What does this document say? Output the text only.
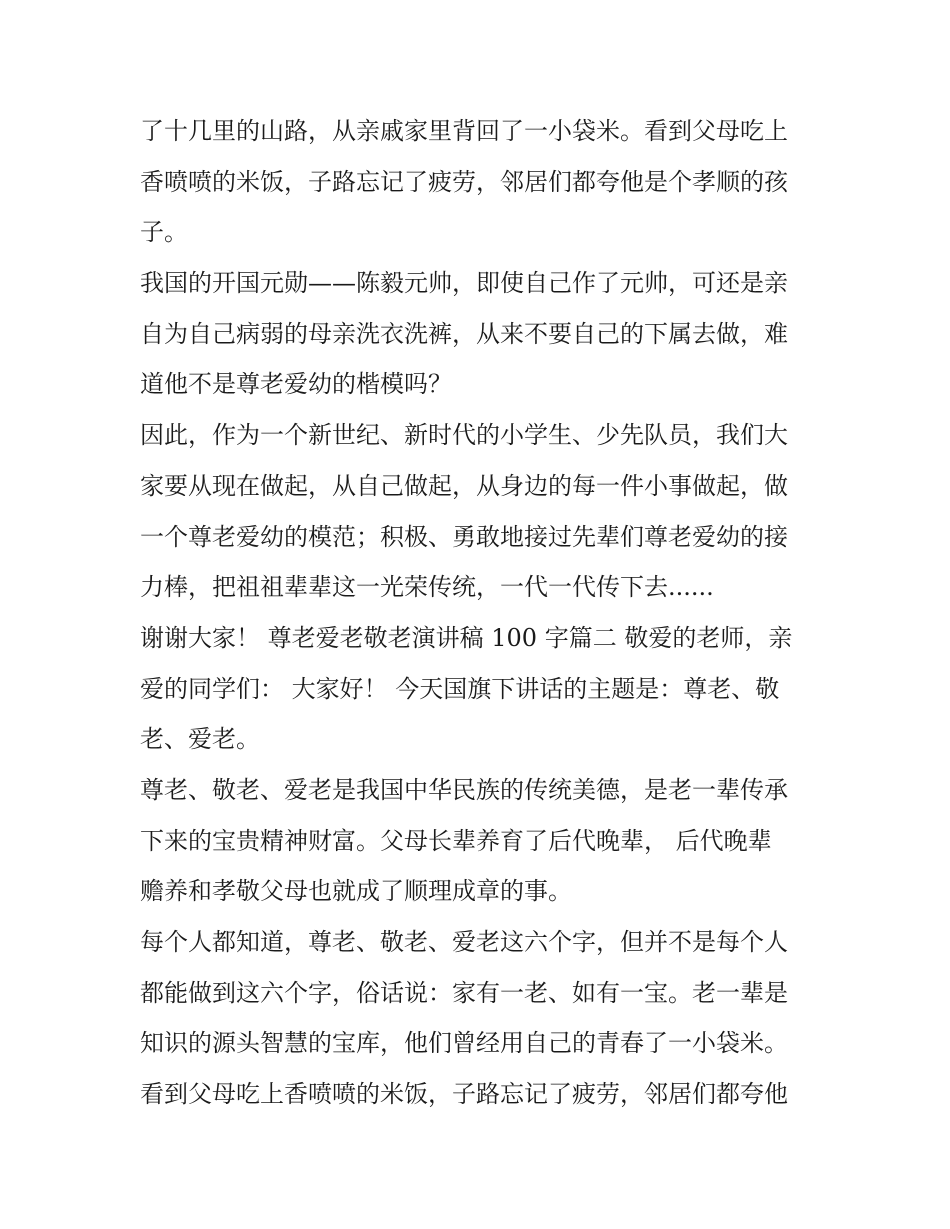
了十几里的山路，从亲戚家里背回了一小袋米。看到父母吃上
香喷喷的米饭，子路忘记了疲劳，邻居们都夸他是个孝顺的孩
子。
我国的开国元勋——陈毅元帅，即使自己作了元帅，可还是亲
自为自己病弱的母亲洗衣洗裤，从来不要自己的下属去做，难
道他不是尊老爱幼的楷模吗？
因此，作为一个新世纪、新时代的小学生、少先队员，我们大
家要从现在做起，从自己做起，从身边的每一件小事做起，做
一个尊老爱幼的模范；积极、勇敢地接过先辈们尊老爱幼的接
力棒，把祖祖辈辈这一光荣传统，一代一代传下去......
谢谢大家！ 尊老爱老敬老演讲稿 100 字篇二 敬爱的老师，亲
爱的同学们： 大家好！ 今天国旗下讲话的主题是：尊老、敬
老、爱老。
尊老、敬老、爱老是我国中华民族的传统美德，是老一辈传承
下来的宝贵精神财富。父母长辈养育了后代晚辈， 后代晚辈
赡养和孝敬父母也就成了顺理成章的事。
每个人都知道，尊老、敬老、爱老这六个字，但并不是每个人
都能做到这六个字，俗话说：家有一老、如有一宝。老一辈是
知识的源头智慧的宝库，他们曾经用自己的青春了一小袋米。
看到父母吃上香喷喷的米饭，子路忘记了疲劳，邻居们都夸他
